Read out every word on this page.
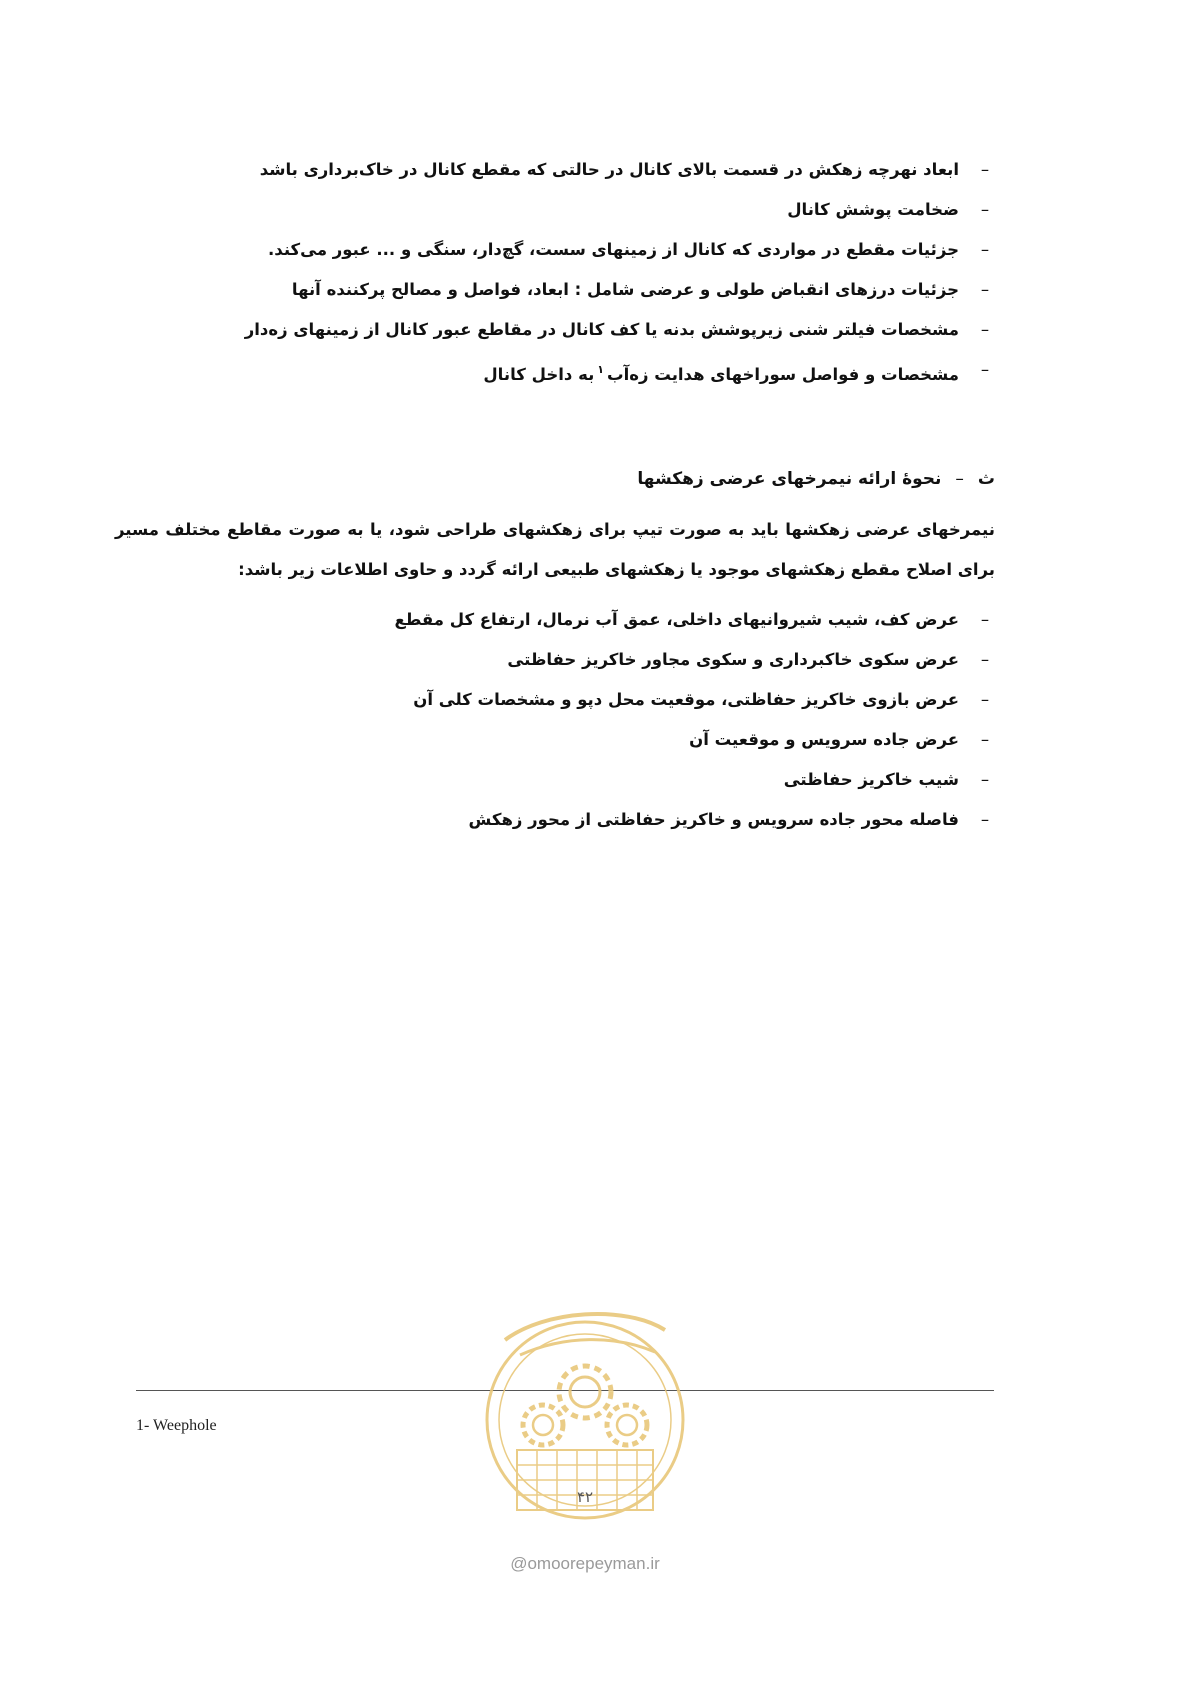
–
ابعاد نهرچه زهکش در قسمت بالای کانال در حالتی که مقطع کانال در خاک‌برداری باشد
–
ضخامت پوشش کانال
–
جزئیات مقطع در مواردی که کانال از زمینهای سست، گچ‌دار، سنگی و ... عبور می‌کند.
–
جزئیات درزهای انقباض طولی و عرضی شامل : ابعاد، فواصل و مصالح پرکننده آنها
–
مشخصات فیلتر شنی زیرپوشش بدنه یا کف کانال در مقاطع عبور کانال از زمینهای زه‌دار
–
مشخصات و فواصل سوراخهای هدایت زه‌آب$^۱$به داخل کانال
ث–نحوهٔ ارائه نیمرخهای عرضی زهکشها

نیمرخهای عرضی زهکشها باید به صورت تیپ برای زهکشهای طراحی شود، یا به صورت مقاطع مختلف مسیر برای اصلاح مقطع زهکشهای موجود یا زهکشهای طبیعی ارائه گردد و حاوی اطلاعات زیر باشد:

–
عرض کف، شیب شیروانیهای داخلی، عمق آب نرمال، ارتفاع کل مقطع
–
عرض سکوی خاکبرداری و سکوی مجاور خاکریز حفاظتی
–
عرض بازوی خاکریز حفاظتی، موقعیت محل دپو و مشخصات کلی آن
–
عرض جاده سرویس و موقعیت آن
–
شیب خاکریز حفاظتی
–
فاصله محور جاده سرویس و خاکریز حفاظتی از محور زهکش
1- Weephole
۴۲
@omoorepeyman.ir
